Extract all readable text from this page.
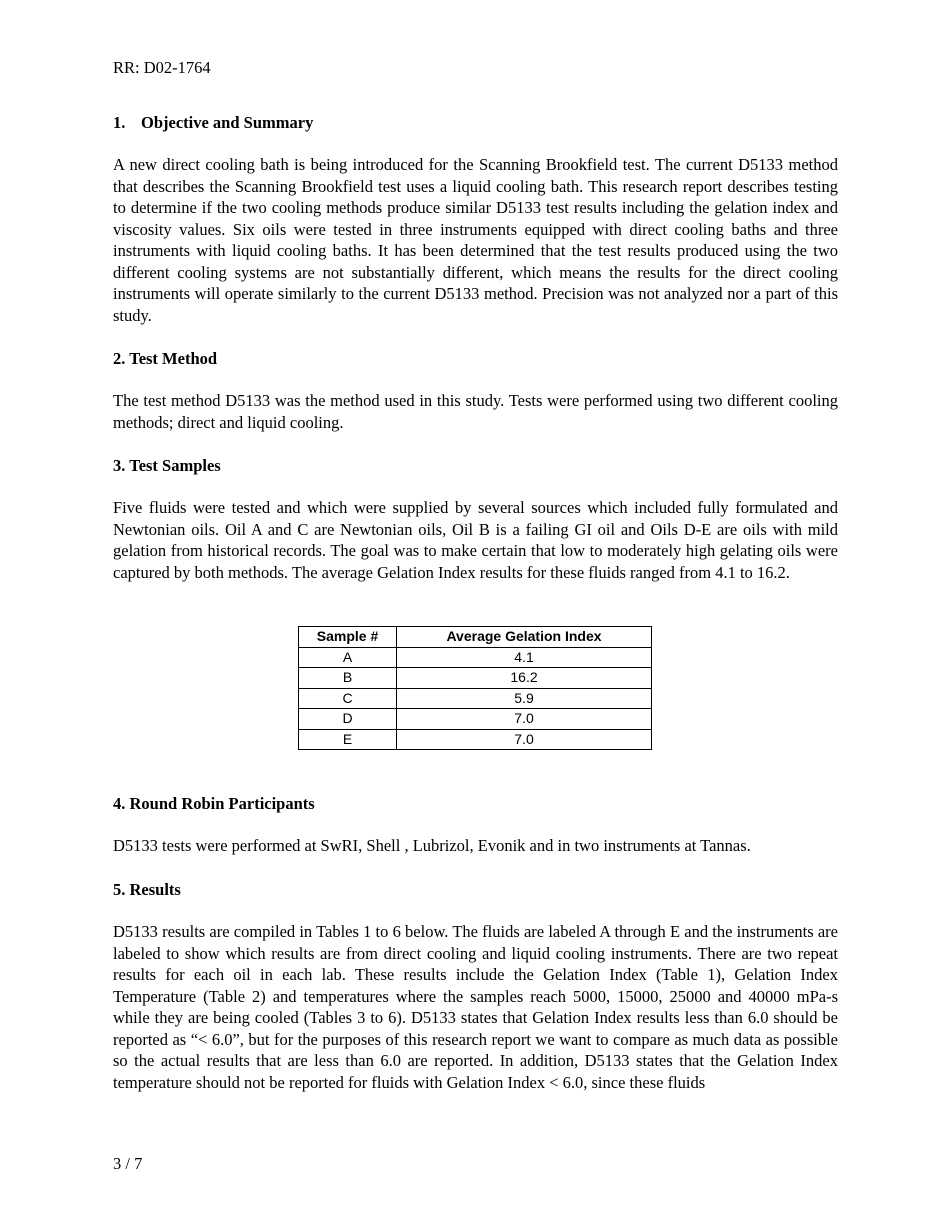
RR: D02-1764
1. Objective and Summary

A new direct cooling bath is being introduced for the Scanning Brookfield test. The current D5133 method that describes the Scanning Brookfield test uses a liquid cooling bath. This research report describes testing to determine if the two cooling methods produce similar D5133 test results including the gelation index and viscosity values. Six oils were tested in three instruments equipped with direct cooling baths and three instruments with liquid cooling baths. It has been determined that the test results produced using the two different cooling systems are not substantially different, which means the results for the direct cooling instruments will operate similarly to the current D5133 method. Precision was not analyzed nor a part of this study.

2. Test Method

The test method D5133 was the method used in this study. Tests were performed using two different cooling methods; direct and liquid cooling.

3. Test Samples

Five fluids were tested and which were supplied by several sources which included fully formulated and Newtonian oils. Oil A and C are Newtonian oils, Oil B is a failing GI oil and Oils D-E are oils with mild gelation from historical records. The goal was to make certain that low to moderately high gelating oils were captured by both methods. The average Gelation Index results for these fluids ranged from 4.1 to 16.2.

Sample #	Average Gelation Index
A	4.1
B	16.2
C	5.9
D	7.0
E	7.0
4. Round Robin Participants

D5133 tests were performed at SwRI, Shell , Lubrizol, Evonik and in two instruments at Tannas.

5. Results

D5133 results are compiled in Tables 1 to 6 below. The fluids are labeled A through E and the instruments are labeled to show which results are from direct cooling and liquid cooling instruments. There are two repeat results for each oil in each lab. These results include the Gelation Index (Table 1), Gelation Index Temperature (Table 2) and temperatures where the samples reach 5000, 15000, 25000 and 40000 mPa-s while they are being cooled (Tables 3 to 6). D5133 states that Gelation Index results less than 6.0 should be reported as “< 6.0”, but for the purposes of this research report we want to compare as much data as possible so the actual results that are less than 6.0 are reported. In addition, D5133 states that the Gelation Index temperature should not be reported for fluids with Gelation Index < 6.0, since these fluids

3 / 7
